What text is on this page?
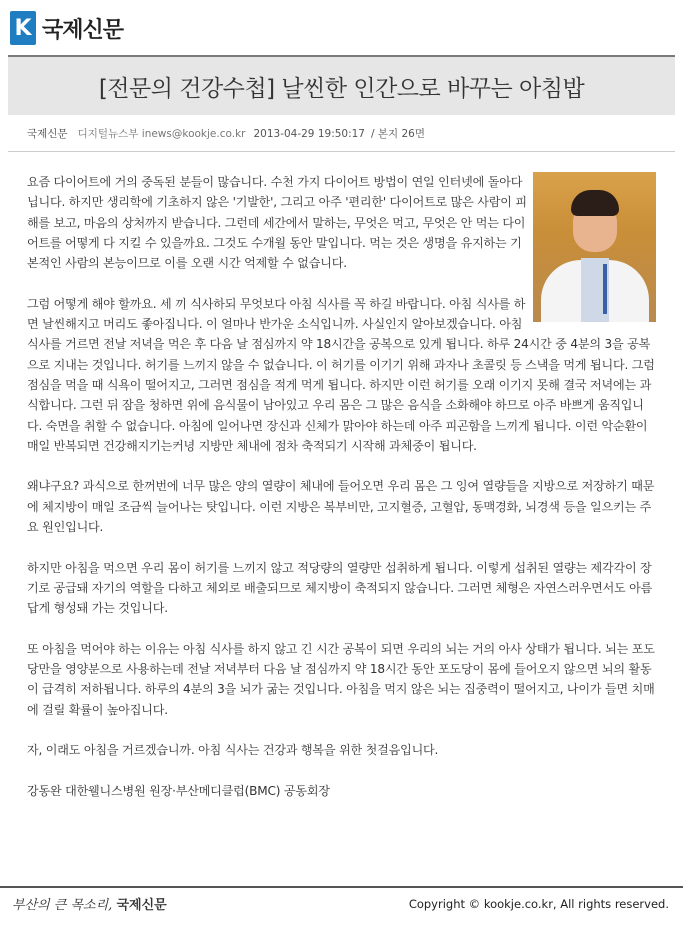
K 국제신문
[전문의 건강수첩] 날씬한 인간으로 바꾸는 아침밥
국제신문 디지털뉴스부 inews@kookje.co.kr 2013-04-29 19:50:17 / 본지 26면

요즘 다이어트에 거의 중독된 분들이 많습니다. 수천 가지 다이어트 방법이 연일 인터넷에 돌아다닙니다. 하지만 생리학에 기초하지 않은 '기발한', 그리고 아주 '편리한' 다이어트로 많은 사람이 피해를 보고, 마음의 상처까지 받습니다. 그런데 세간에서 말하는, 무엇은 먹고, 무엇은 안 먹는 다이어트를 어떻게 다 지킬 수 있을까요. 그것도 수개월 동안 말입니다. 먹는 것은 생명을 유지하는 기본적인 사람의 본능이므로 이를 오랜 시간 억제할 수 없습니다.

그럼 어떻게 해야 할까요. 세 끼 식사하되 무엇보다 아침 식사를 꼭 하길 바랍니다. 아침 식사를 하면 날씬해지고 머리도 좋아집니다. 이 얼마나 반가운 소식입니까. 사실인지 알아보겠습니다. 아침 식사를 거르면 전날 저녁을 먹은 후 다음 날 점심까지 약 18시간을 공복으로 있게 됩니다. 하루 24시간 중 4분의 3을 공복으로 지내는 것입니다. 허기를 느끼지 않을 수 없습니다. 이 허기를 이기기 위해 과자나 초콜릿 등 스낵을 먹게 됩니다. 그럼 점심을 먹을 때 식욕이 떨어지고, 그러면 점심을 적게 먹게 됩니다. 하지만 이런 허기를 오래 이기지 못해 결국 저녁에는 과식합니다. 그런 뒤 잠을 청하면 위에 음식물이 남아있고 우리 몸은 그 많은 음식을 소화해야 하므로 아주 바쁘게 움직입니다. 숙면을 취할 수 없습니다. 아침에 일어나면 장신과 신체가 맑아야 하는데 아주 피곤함을 느끼게 됩니다. 이런 악순환이 매일 반복되면 건강해지기는커녕 지방만 체내에 점차 축적되기 시작해 과체중이 됩니다.

왜냐구요? 과식으로 한꺼번에 너무 많은 양의 열량이 체내에 들어오면 우리 몸은 그 잉여 열량들을 지방으로 저장하기 때문에 체지방이 매일 조금씩 늘어나는 탓입니다. 이런 지방은 복부비만, 고지혈증, 고혈압, 동맥경화, 뇌경색 등을 일으키는 주요 원인입니다.

하지만 아침을 먹으면 우리 몸이 허기를 느끼지 않고 적당량의 열량만 섭취하게 됩니다. 이렇게 섭취된 열량는 제각각이 장기로 공급돼 자기의 역할을 다하고 체외로 배출되므로 체지방이 축적되지 않습니다. 그러면 체형은 자연스러우면서도 아름답게 형성돼 가는 것입니다.

또 아침을 먹어야 하는 이유는 아침 식사를 하지 않고 긴 시간 공복이 되면 우리의 뇌는 거의 아사 상태가 됩니다. 뇌는 포도당만을 영양분으로 사용하는데 전날 저녁부터 다음 날 점심까지 약 18시간 동안 포도당이 몸에 들어오지 않으면 뇌의 활동이 급격히 저하됩니다. 하루의 4분의 3을 뇌가 굶는 것입니다. 아침을 먹지 않은 뇌는 집중력이 떨어지고, 나이가 들면 치매에 걸릴 확률이 높아집니다.

자, 이래도 아침을 거르겠습니까. 아침 식사는 건강과 행복을 위한 첫걸음입니다.

강동완 대한웰니스병원 원장·부산메디클럽(BMC) 공동회장

부산의 큰 목소리, 국제신문	Copyright © kookje.co.kr, All rights reserved.
